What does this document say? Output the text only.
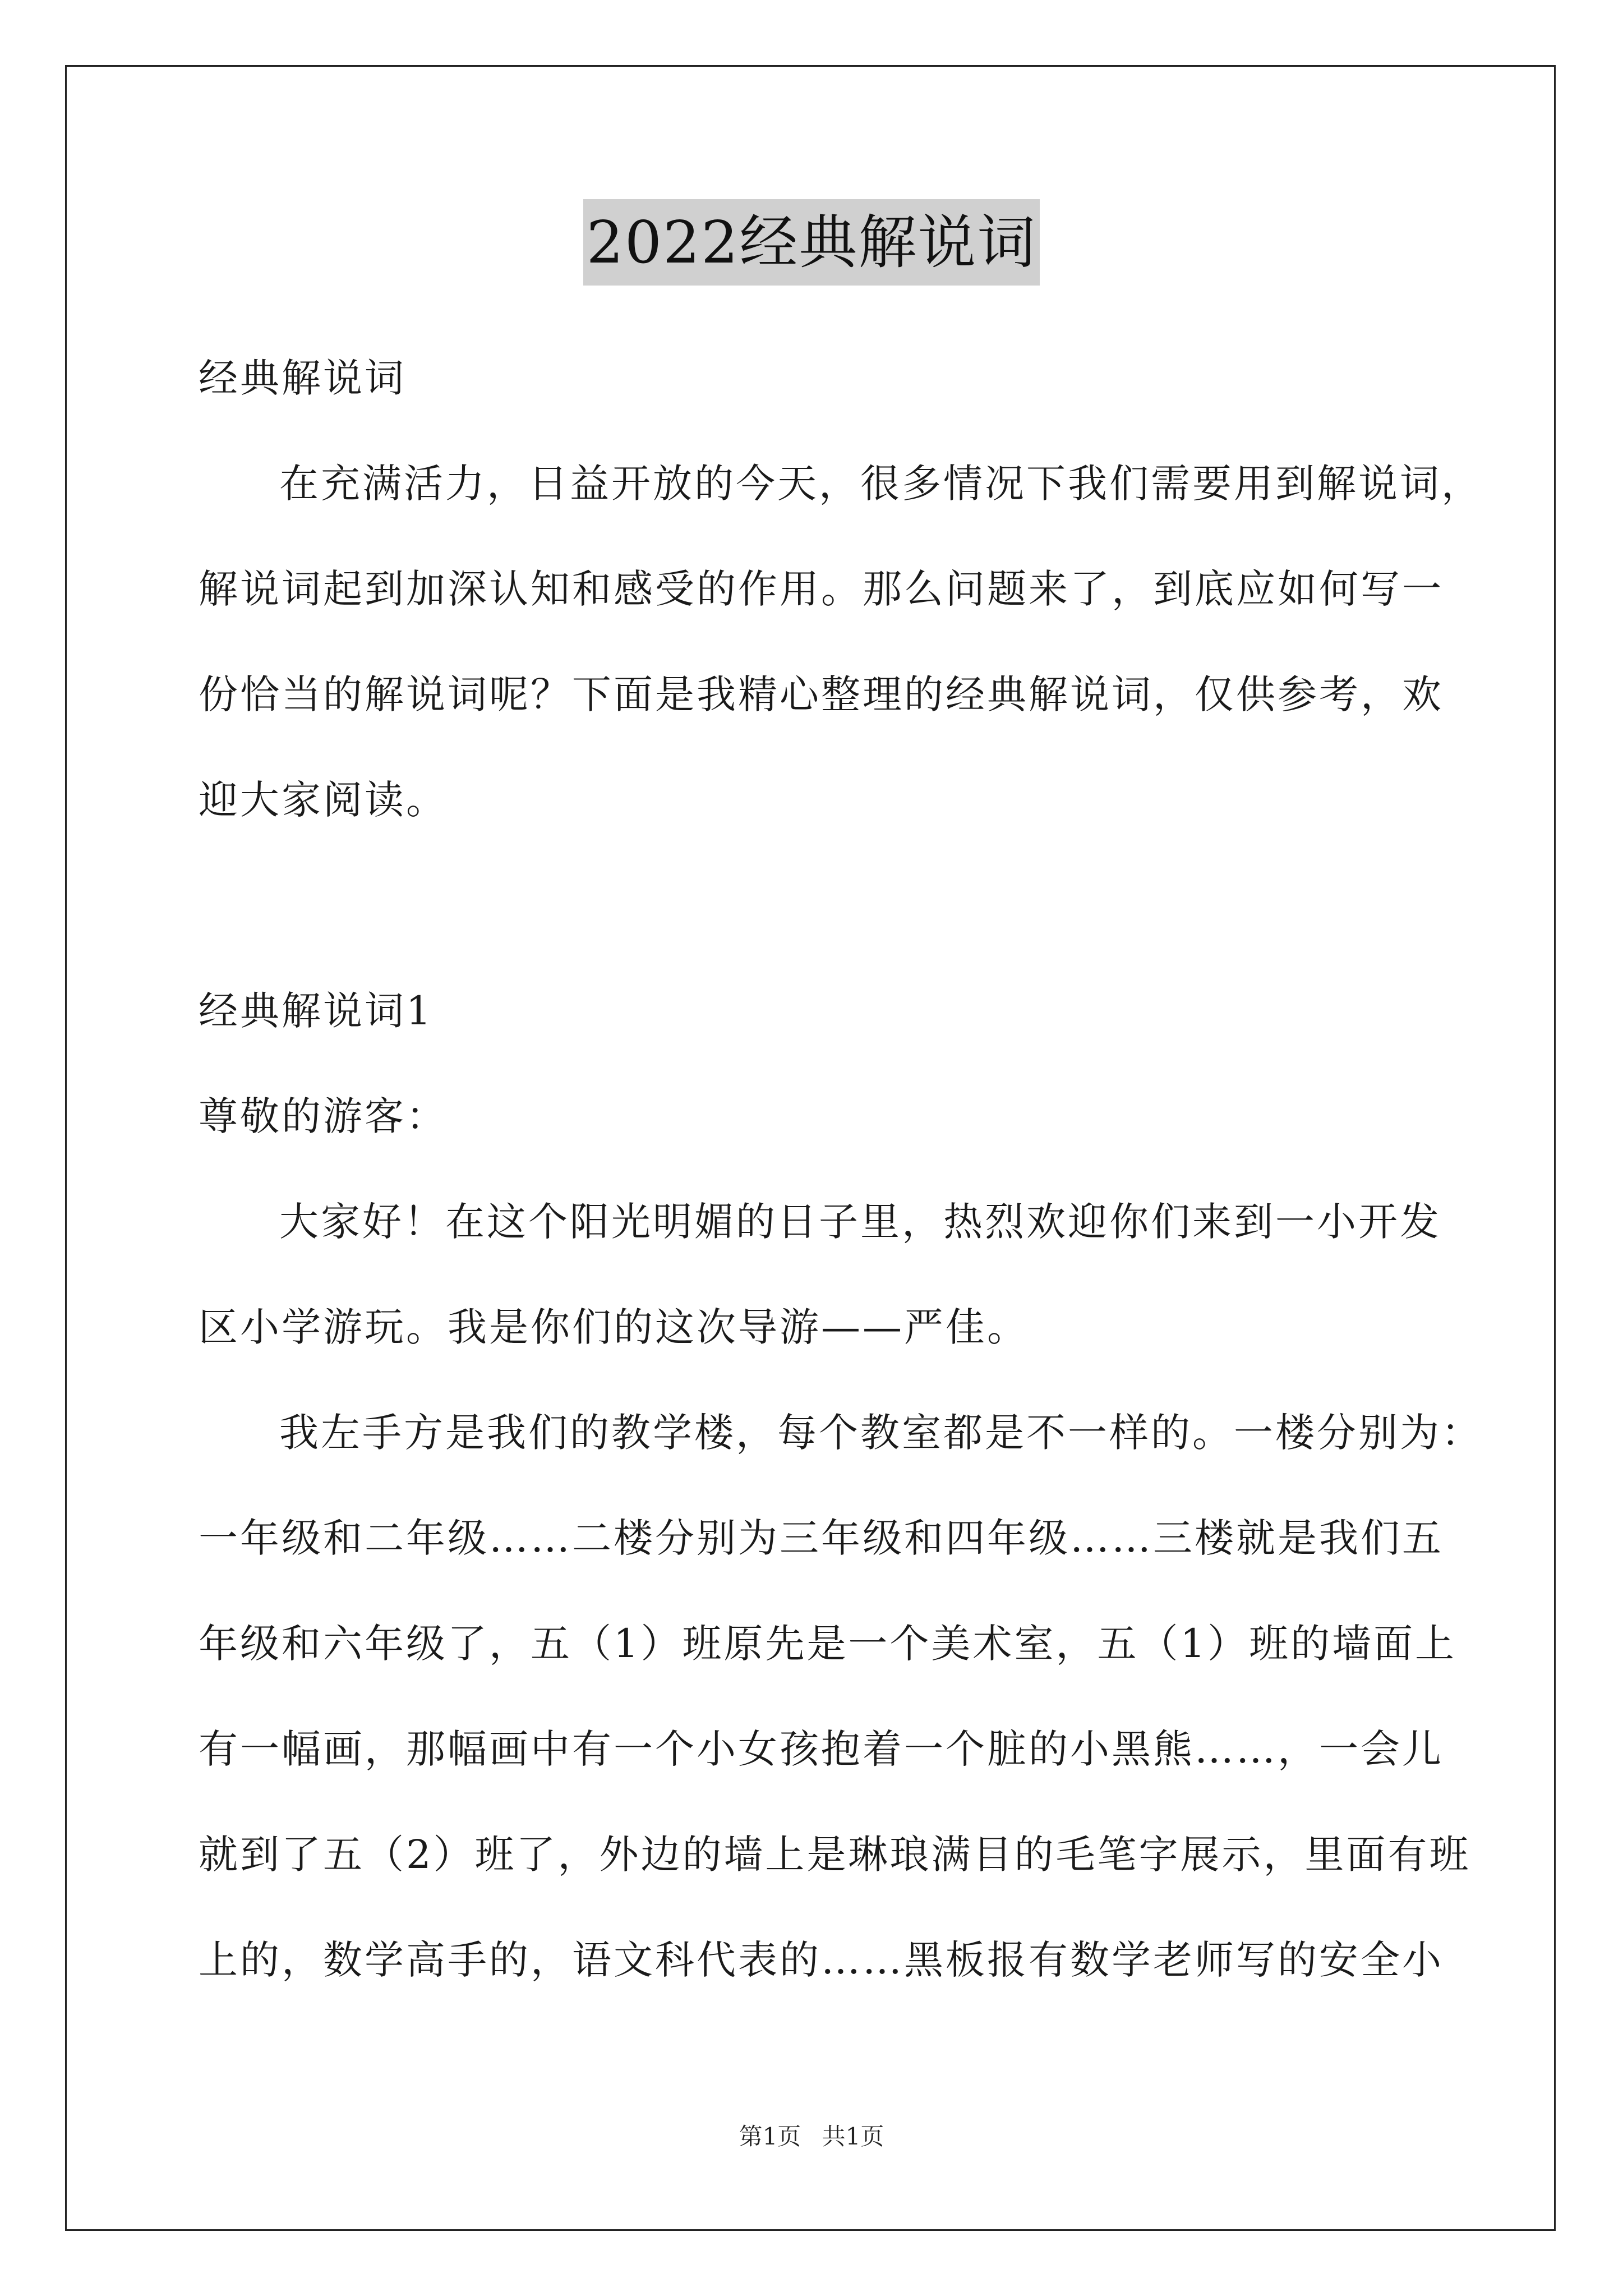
2022经典解说词
经典解说词
在充满活力，日益开放的今天，很多情况下我们需要用到解说词，
解说词起到加深认知和感受的作用。那么问题来了，到底应如何写一
份恰当的解说词呢？下面是我精心整理的经典解说词，仅供参考，欢
迎大家阅读。
经典解说词1
尊敬的游客：
大家好！在这个阳光明媚的日子里，热烈欢迎你们来到一小开发
区小学游玩。我是你们的这次导游——严佳。
我左手方是我们的教学楼，每个教室都是不一样的。一楼分别为：
一年级和二年级……二楼分别为三年级和四年级……三楼就是我们五
年级和六年级了，五（1）班原先是一个美术室，五（1）班的墙面上
有一幅画，那幅画中有一个小女孩抱着一个脏的小黑熊……，一会儿
就到了五（2）班了，外边的墙上是琳琅满目的毛笔字展示，里面有班
上的，数学高手的，语文科代表的……黑板报有数学老师写的安全小
第1页 共1页
